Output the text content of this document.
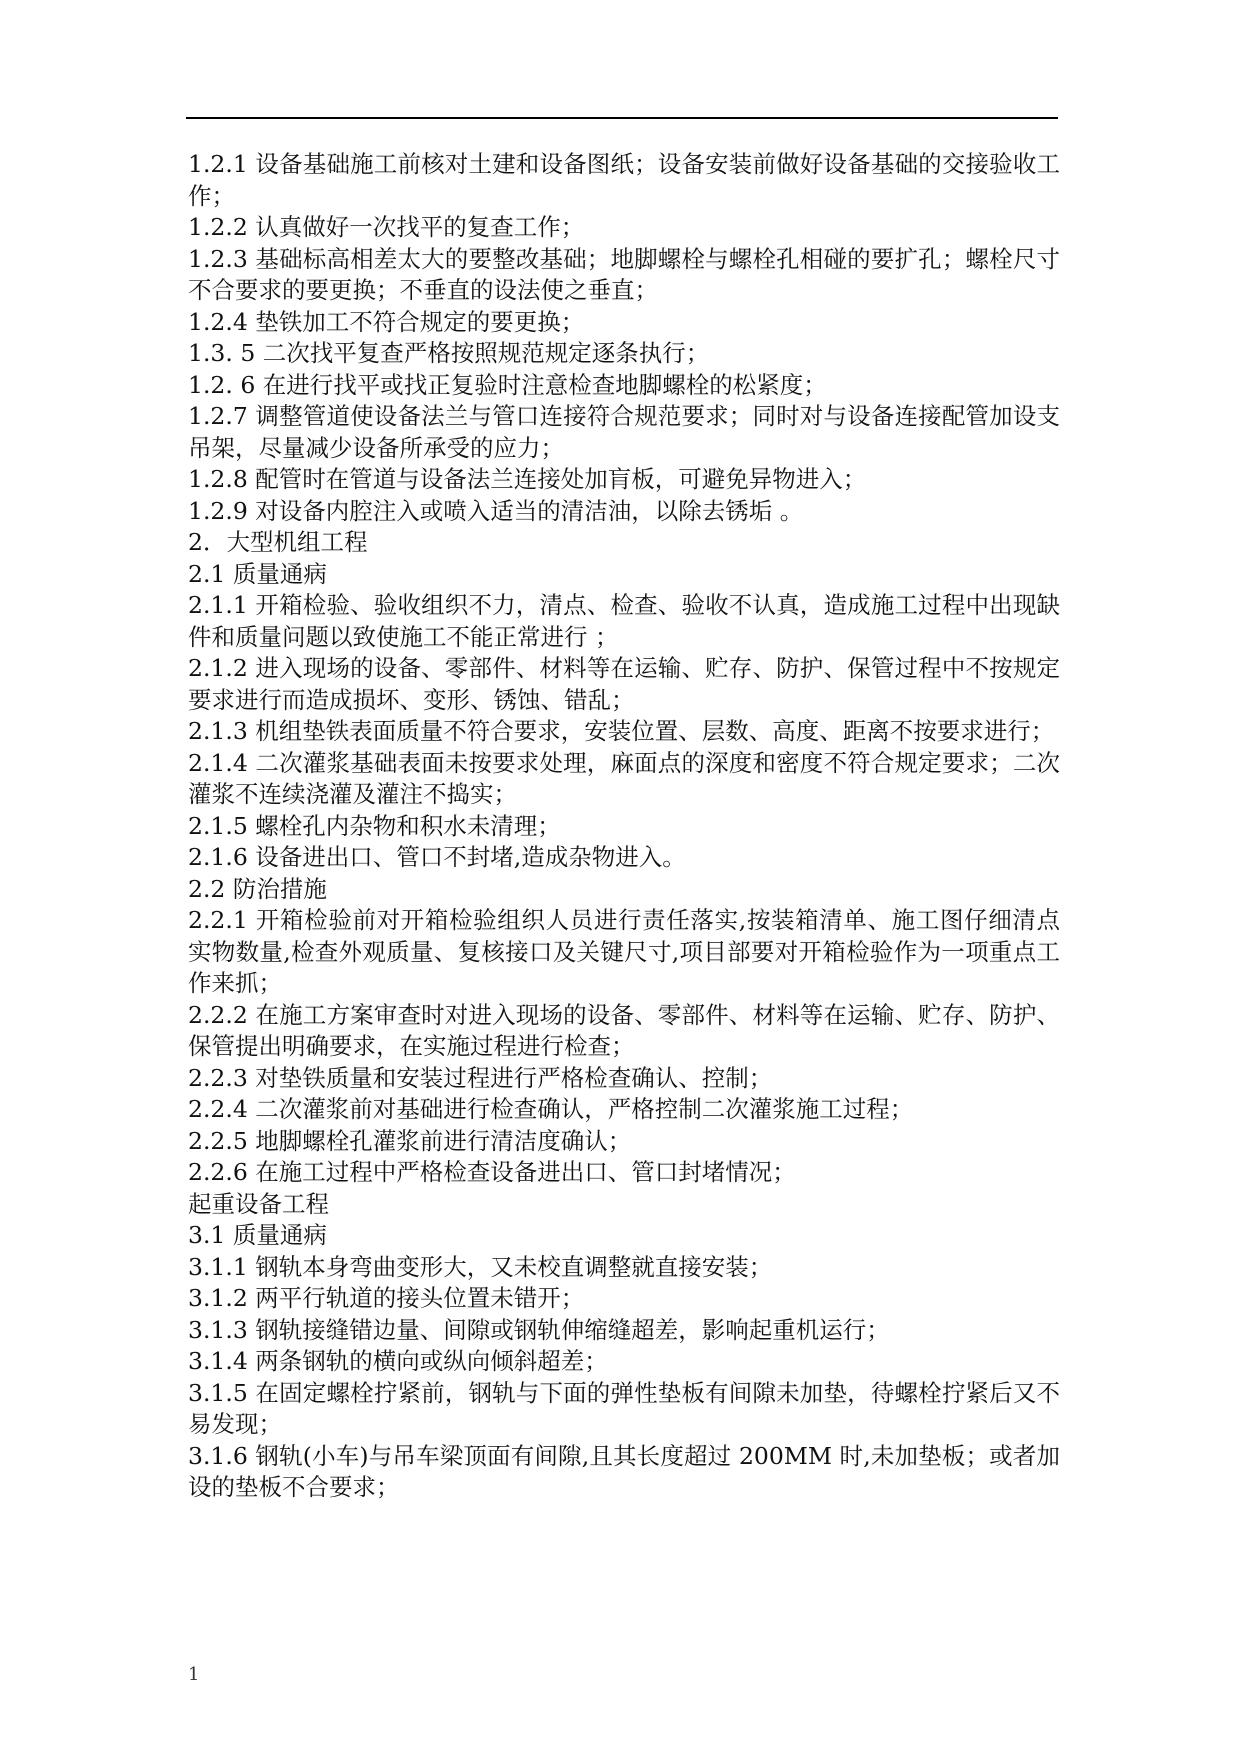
1.2.1 设备基础施工前核对土建和设备图纸；设备安装前做好设备基础的交接验收工作；

1.2.2 认真做好一次找平的复查工作；

1.2.3 基础标高相差太大的要整改基础；地脚螺栓与螺栓孔相碰的要扩孔；螺栓尺寸不合要求的要更换；不垂直的设法使之垂直；

1.2.4 垫铁加工不符合规定的要更换；

1.3. 5 二次找平复查严格按照规范规定逐条执行；

1.2. 6 在进行找平或找正复验时注意检查地脚螺栓的松紧度；

1.2.7 调整管道使设备法兰与管口连接符合规范要求；同时对与设备连接配管加设支吊架，尽量减少设备所承受的应力；

1.2.8 配管时在管道与设备法兰连接处加肓板，可避免异物进入；

1.2.9 对设备内腔注入或喷入适当的清洁油，以除去锈垢 。

2．大型机组工程

2.1 质量通病

2.1.1 开箱检验、验收组织不力，清点、检查、验收不认真，造成施工过程中出现缺件和质量问题以致使施工不能正常进行 ；

2.1.2 进入现场的设备、零部件、材料等在运输、贮存、防护、保管过程中不按规定要求进行而造成损坏、变形、锈蚀、错乱；

2.1.3 机组垫铁表面质量不符合要求，安装位置、层数、高度、距离不按要求进行；

2.1.4 二次灌浆基础表面未按要求处理，麻面点的深度和密度不符合规定要求；二次灌浆不连续浇灌及灌注不捣实；

2.1.5 螺栓孔内杂物和积水未清理；

2.1.6 设备进出口、管口不封堵,造成杂物进入。

2.2 防治措施

2.2.1 开箱检验前对开箱检验组织人员进行责任落实,按装箱清单、施工图仔细清点实物数量,检查外观质量、复核接口及关键尺寸,项目部要对开箱检验作为一项重点工作来抓；

2.2.2 在施工方案审查时对进入现场的设备、零部件、材料等在运输、贮存、防护、保管提出明确要求，在实施过程进行检查；

2.2.3 对垫铁质量和安装过程进行严格检查确认、控制；

2.2.4 二次灌浆前对基础进行检查确认，严格控制二次灌浆施工过程；

2.2.5 地脚螺栓孔灌浆前进行清洁度确认；

2.2.6 在施工过程中严格检查设备进出口、管口封堵情况；

起重设备工程

3.1 质量通病

3.1.1 钢轨本身弯曲变形大，又未校直调整就直接安装；

3.1.2 两平行轨道的接头位置未错开；

3.1.3 钢轨接缝错边量、间隙或钢轨伸缩缝超差，影响起重机运行；

3.1.4 两条钢轨的横向或纵向倾斜超差；

3.1.5 在固定螺栓拧紧前，钢轨与下面的弹性垫板有间隙未加垫，待螺栓拧紧后又不易发现；

3.1.6 钢轨(小车)与吊车梁顶面有间隙,且其长度超过 200MM 时,未加垫板；或者加设的垫板不合要求；

1
